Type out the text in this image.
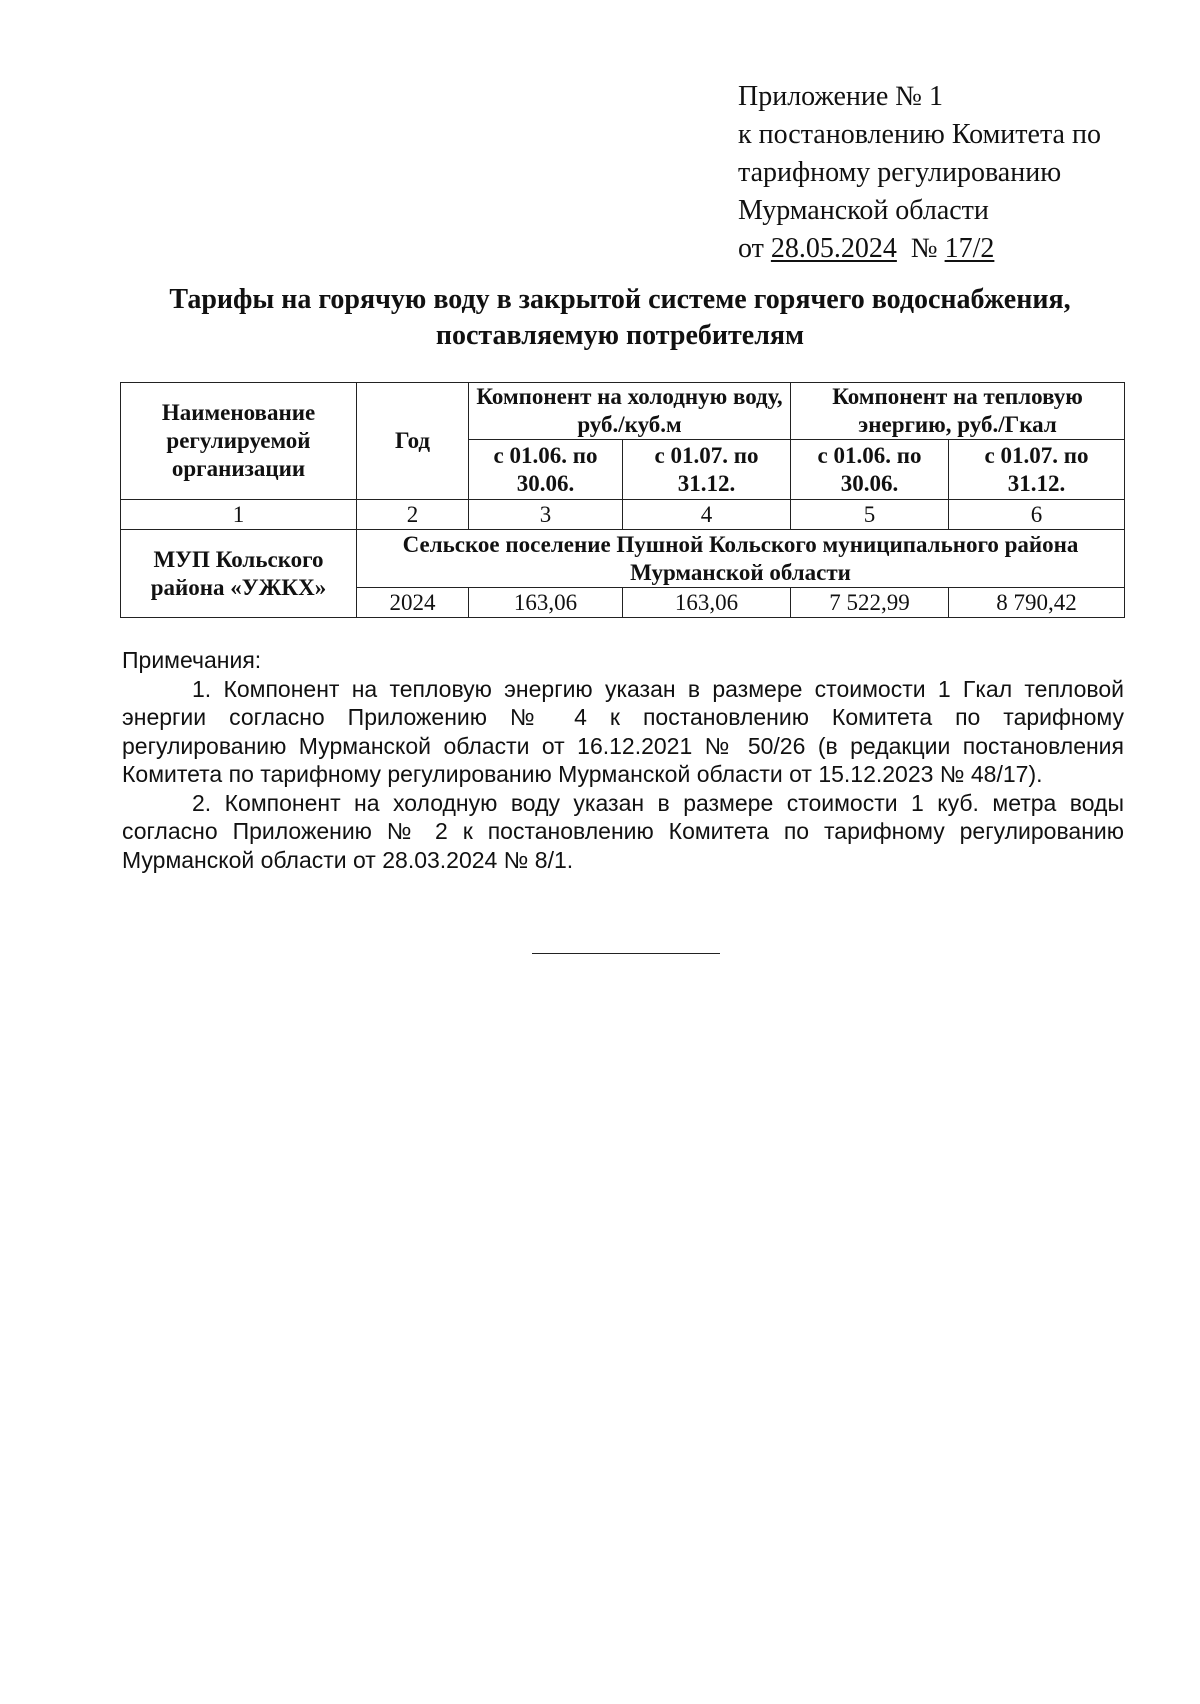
Приложение № 1
к постановлению Комитета по
тарифному регулированию
Мурманской области
от 28.05.2024 № 17/2
Тарифы на горячую воду в закрытой системе горячего водоснабжения,
поставляемую потребителям
Наименование регулируемой организации	Год	Компонент на холодную воду, руб./куб.м		Компонент на тепловую энергию, руб./Гкал	
		с 01.06. по 30.06.	с 01.07. по 31.12.	с 01.06. по 30.06.	с 01.07. по 31.12.
1	2	3	4	5	6
МУП Кольского района «УЖКХ»	Сельское поселение Пушной Кольского муниципального района Мурманской области				
	2024	163,06	163,06	7 522,99	8 790,42

Примечания:

1. Компонент на тепловую энергию указан в размере стоимости 1 Гкал тепловой энергии согласно Приложению № 4 к постановлению Комитета по тарифному регулированию Мурманской области от 16.12.2021 № 50/26 (в редакции постановления Комитета по тарифному регулированию Мурманской области от 15.12.2023 № 48/17).

2. Компонент на холодную воду указан в размере стоимости 1 куб. метра воды согласно Приложению № 2 к постановлению Комитета по тарифному регулированию Мурманской области от 28.03.2024 № 8/1.
